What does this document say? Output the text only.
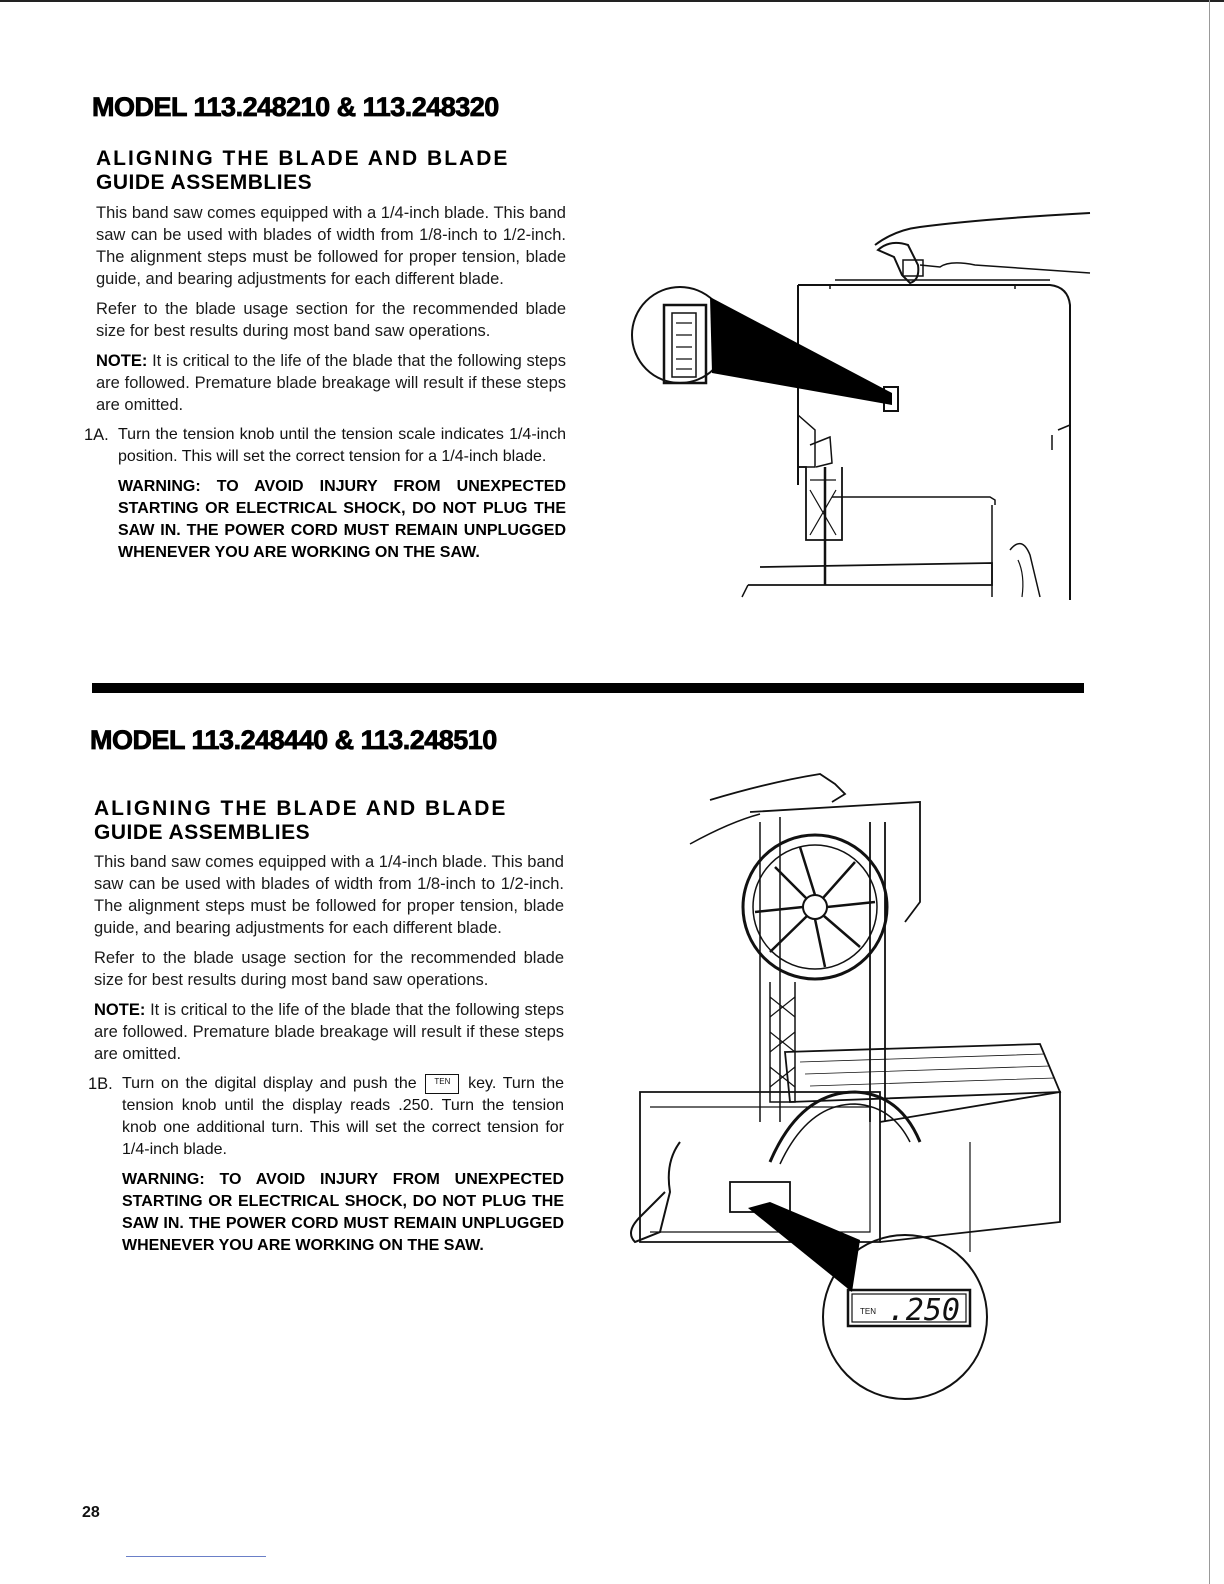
MODEL 113.248210 & 113.248320
ALIGNING THE BLADE AND BLADE
GUIDE ASSEMBLIES

This band saw comes equipped with a 1/4-inch blade. This band saw can be used with blades of width from 1/8-inch to 1/2-inch. The alignment steps must be followed for proper tension, blade guide, and bearing adjustments for each different blade.

Refer to the blade usage section for the recommended blade size for best results during most band saw operations.

NOTE: It is critical to the life of the blade that the following steps are followed. Premature blade breakage will result if these steps are omitted.

1A. Turn the tension knob until the tension scale indicates 1/4-inch position. This will set the correct tension for a 1/4-inch blade.

WARNING: TO AVOID INJURY FROM UNEXPECTED STARTING OR ELECTRICAL SHOCK, DO NOT PLUG THE SAW IN. THE POWER CORD MUST REMAIN UNPLUGGED WHENEVER YOU ARE WORKING ON THE SAW.

MODEL 113.248440 & 113.248510
ALIGNING THE BLADE AND BLADE
GUIDE ASSEMBLIES

This band saw comes equipped with a 1/4-inch blade. This band saw can be used with blades of width from 1/8-inch to 1/2-inch. The alignment steps must be followed for proper tension, blade guide, and bearing adjustments for each different blade.

Refer to the blade usage section for the recommended blade size for best results during most band saw operations.

NOTE: It is critical to the life of the blade that the following steps are followed. Premature blade breakage will result if these steps are omitted.

1B. Turn on the digital display and push the TEN key. Turn the tension knob until the display reads .250. Turn the tension knob one additional turn. This will set the correct tension for 1/4-inch blade.

WARNING: TO AVOID INJURY FROM UNEXPECTED STARTING OR ELECTRICAL SHOCK, DO NOT PLUG THE SAW IN. THE POWER CORD MUST REMAIN UNPLUGGED WHENEVER YOU ARE WORKING ON THE SAW.

TEN .250

28
